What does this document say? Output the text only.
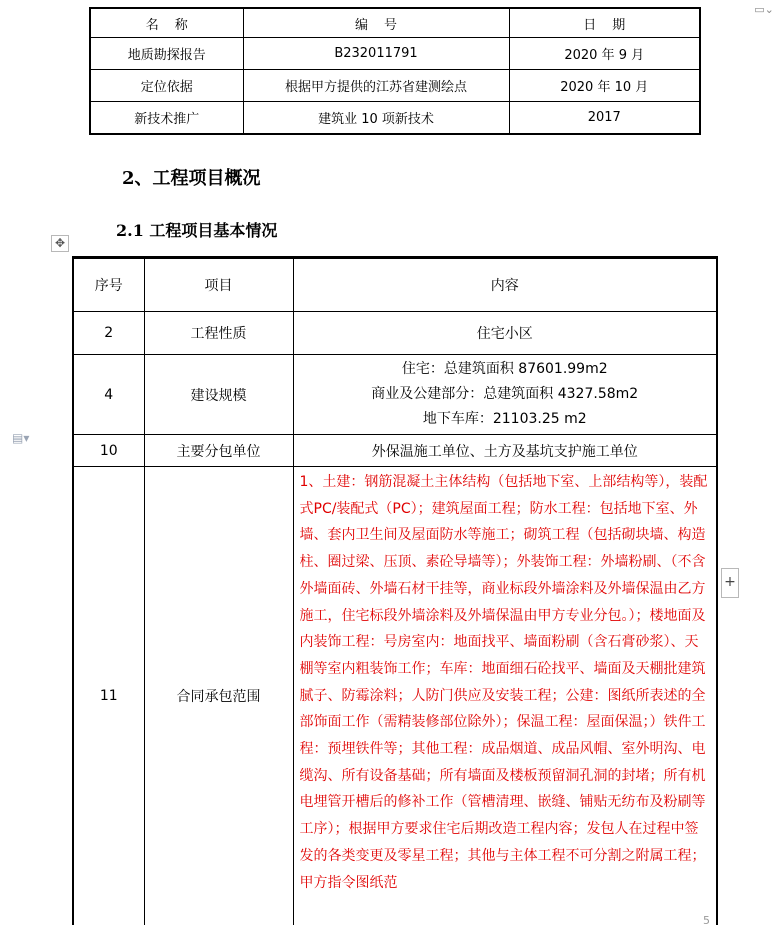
名称	编号	日期
地质勘探报告	B232011791	2020 年 9 月
定位依据	根据甲方提供的江苏省建测绘点	2020 年 10 月
新技术推广	建筑业 10 项新技术	2017
▭⌄
2、工程项目概况
2.1 工程项目基本情况
✥
▤▾
+
序号	项目	内容
2	工程性质	住宅小区
4	建设规模	住宅：总建筑面积 87601.99m2
商业及公建部分：总建筑面积 4327.58m2
地下车库：21103.25 m2

10	主要分包单位	外保温施工单位、土方及基坑支护施工单位
11	合同承包范围	1、土建：钢筋混凝土主体结构（包括地下室、上部结构等），装配式PC/装配式（PC）；建筑屋面工程；防水工程：包括地下室、外墙、套内卫生间及屋面防水等施工；砌筑工程（包括砌块墙、构造柱、圈过梁、压顶、素砼导墙等）；外装饰工程：外墙粉刷、（不含外墙面砖、外墙石材干挂等，商业标段外墙涂料及外墙保温由乙方施工，住宅标段外墙涂料及外墙保温由甲方专业分包。）；楼地面及内装饰工程：号房室内：地面找平、墙面粉刷（含石膏砂浆）、天棚等室内粗装饰工作；车库：地面细石砼找平、墙面及天棚批建筑腻子、防霉涂料；人防门供应及安装工程；公建：图纸所表述的全部饰面工作（需精装修部位除外）；保温工程：屋面保温；）铁件工程：预埋铁件等；其他工程：成品烟道、成品风帽、室外明沟、电缆沟、所有设备基础；所有墙面及楼板预留洞孔洞的封堵；所有机电埋管开槽后的修补工作（管槽清理、嵌缝、铺贴无纺布及粉刷等工序）；根据甲方要求住宅后期改造工程内容；发包人在过程中签发的各类变更及零星工程；其他与主体工程不可分割之附属工程；甲方指令图纸范
5
